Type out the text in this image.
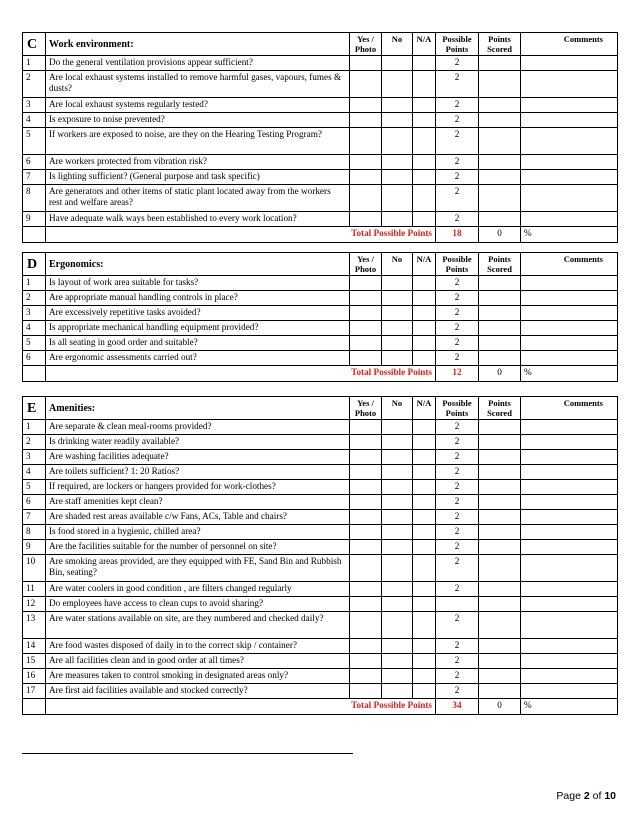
C	Work environment:	Yes / Photo	No	N/A	Possible Points	Points Scored	Comments
1	Do the general ventilation provisions appear sufficient?				2		
2	Are local exhaust systems installed to remove harmful gases, vapours, fumes & dusts?				2		
3	Are local exhaust systems regularly tested?				2		
4	Is exposure to noise prevented?				2		
5	If workers are exposed to noise, are they on the Hearing Testing Program?				2		
6	Are workers protected from vibration risk?				2		
7	Is lighting sufficient? (General purpose and task specific)				2		
8	Are generators and other items of static plant located away from the workers rest and welfare areas?				2		
9	Have adequate walk ways been established to every work location?				2		
	Total Possible Points				18	0	%
D	Ergonomics:	Yes / Photo	No	N/A	Possible Points	Points Scored	Comments
1	Is layout of work area suitable for tasks?				2		
2	Are appropriate manual handling controls in place?				2		
3	Are excessively repetitive tasks avoided?				2		
4	Is appropriate mechanical handling equipment provided?				2		
5	Is all seating in good order and suitable?				2		
6	Are ergonomic assessments carried out?				2		
	Total Possible Points				12	0	%
E	Amenities:	Yes / Photo	No	N/A	Possible Points	Points Scored	Comments
1	Are separate & clean meal-rooms provided?				2		
2	Is drinking water readily available?				2		
3	Are washing facilities adequate?				2		
4	Are toilets sufficient? 1: 20 Ratios?				2		
5	If required, are lockers or hangers provided for work-clothes?				2		
6	Are staff amenities kept clean?				2		
7	Are shaded rest areas available c/w Fans, ACs, Table and chairs?				2		
8	Is food stored in a hygienic, chilled area?				2		
9	Are the facilities suitable for the number of personnel on site?				2		
10	Are smoking areas provided, are they equipped with FE, Sand Bin and Rubbish Bin, seating?				2		
11	Are water coolers in good condition , are filters changed regularly				2		
12	Do employees have access to clean cups to avoid sharing?						
13	Are water stations available on site, are they numbered and checked daily?				2		
14	Are food wastes disposed of daily in to the correct skip / container?				2		
15	Are all facilities clean and in good order at all times?				2		
16	Are measures taken to control smoking in designated areas only?				2		
17	Are first aid facilities available and stocked correctly?				2		
	Total Possible Points				34	0	%
Page 2 of 10
